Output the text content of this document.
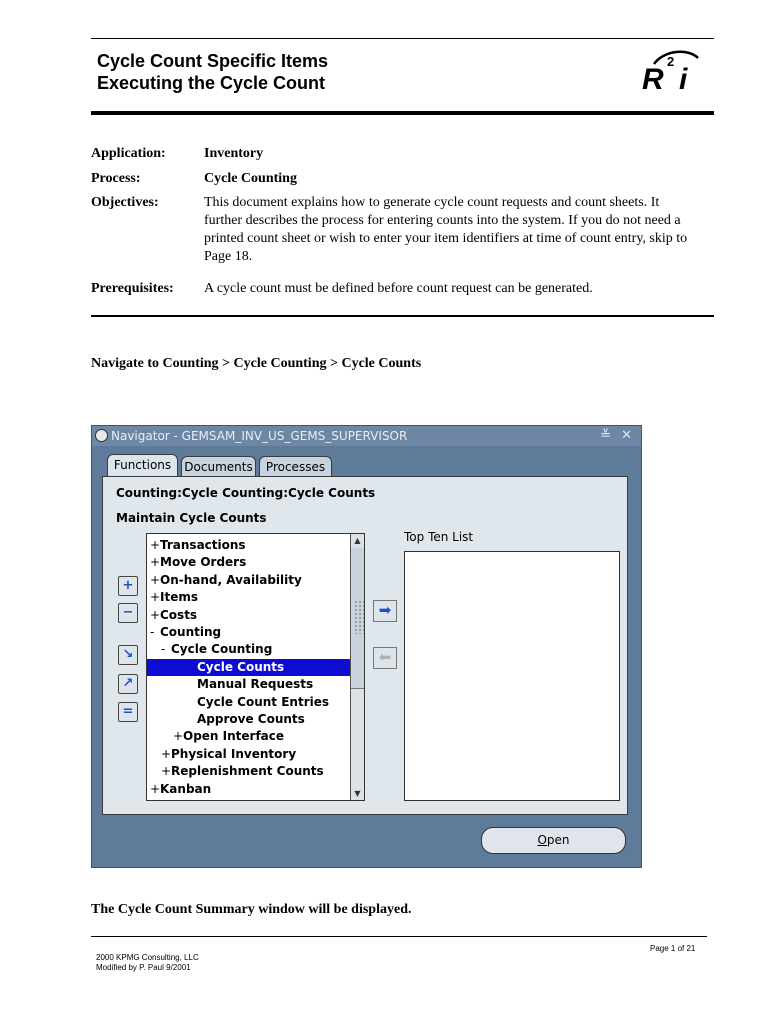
Cycle Count Specific Items
Executing the Cycle Count	R
2
i
Application:	Inventory
Process:	Cycle Counting
Objectives:	This document explains how to generate cycle count requests and count sheets. It further describes the process for entering counts into the system. If you do not need a printed count sheet or wish to enter your item identifiers at time of count entry, skip to Page 18.
Prerequisites: A cycle count must be defined before count request can be generated.
Navigate to Counting > Cycle Counting > Cycle Counts
Navigator - GEMSAM_INV_US_GEMS_SUPERVISOR	≚ ✕
Functions	Documents	Processes
Counting:Cycle Counting:Cycle Counts
Maintain Cycle Counts
Top Ten List
+
−
↘
↗
=
+Kanban
+Replenishment Counts
+Physical Inventory
+Open Interface
Approve Counts
Cycle Count Entries
Manual Requests
Cycle Counts
- Cycle Counting
- Counting
+Costs
+Items
+On-hand, Availability
+Move Orders
+Transactions	▲
▼
➡
⬅
Open
The Cycle Count Summary window will be displayed.
Page 1 of 21
2000 KPMG Consulting, LLC
Modified by P. Paul 9/2001
